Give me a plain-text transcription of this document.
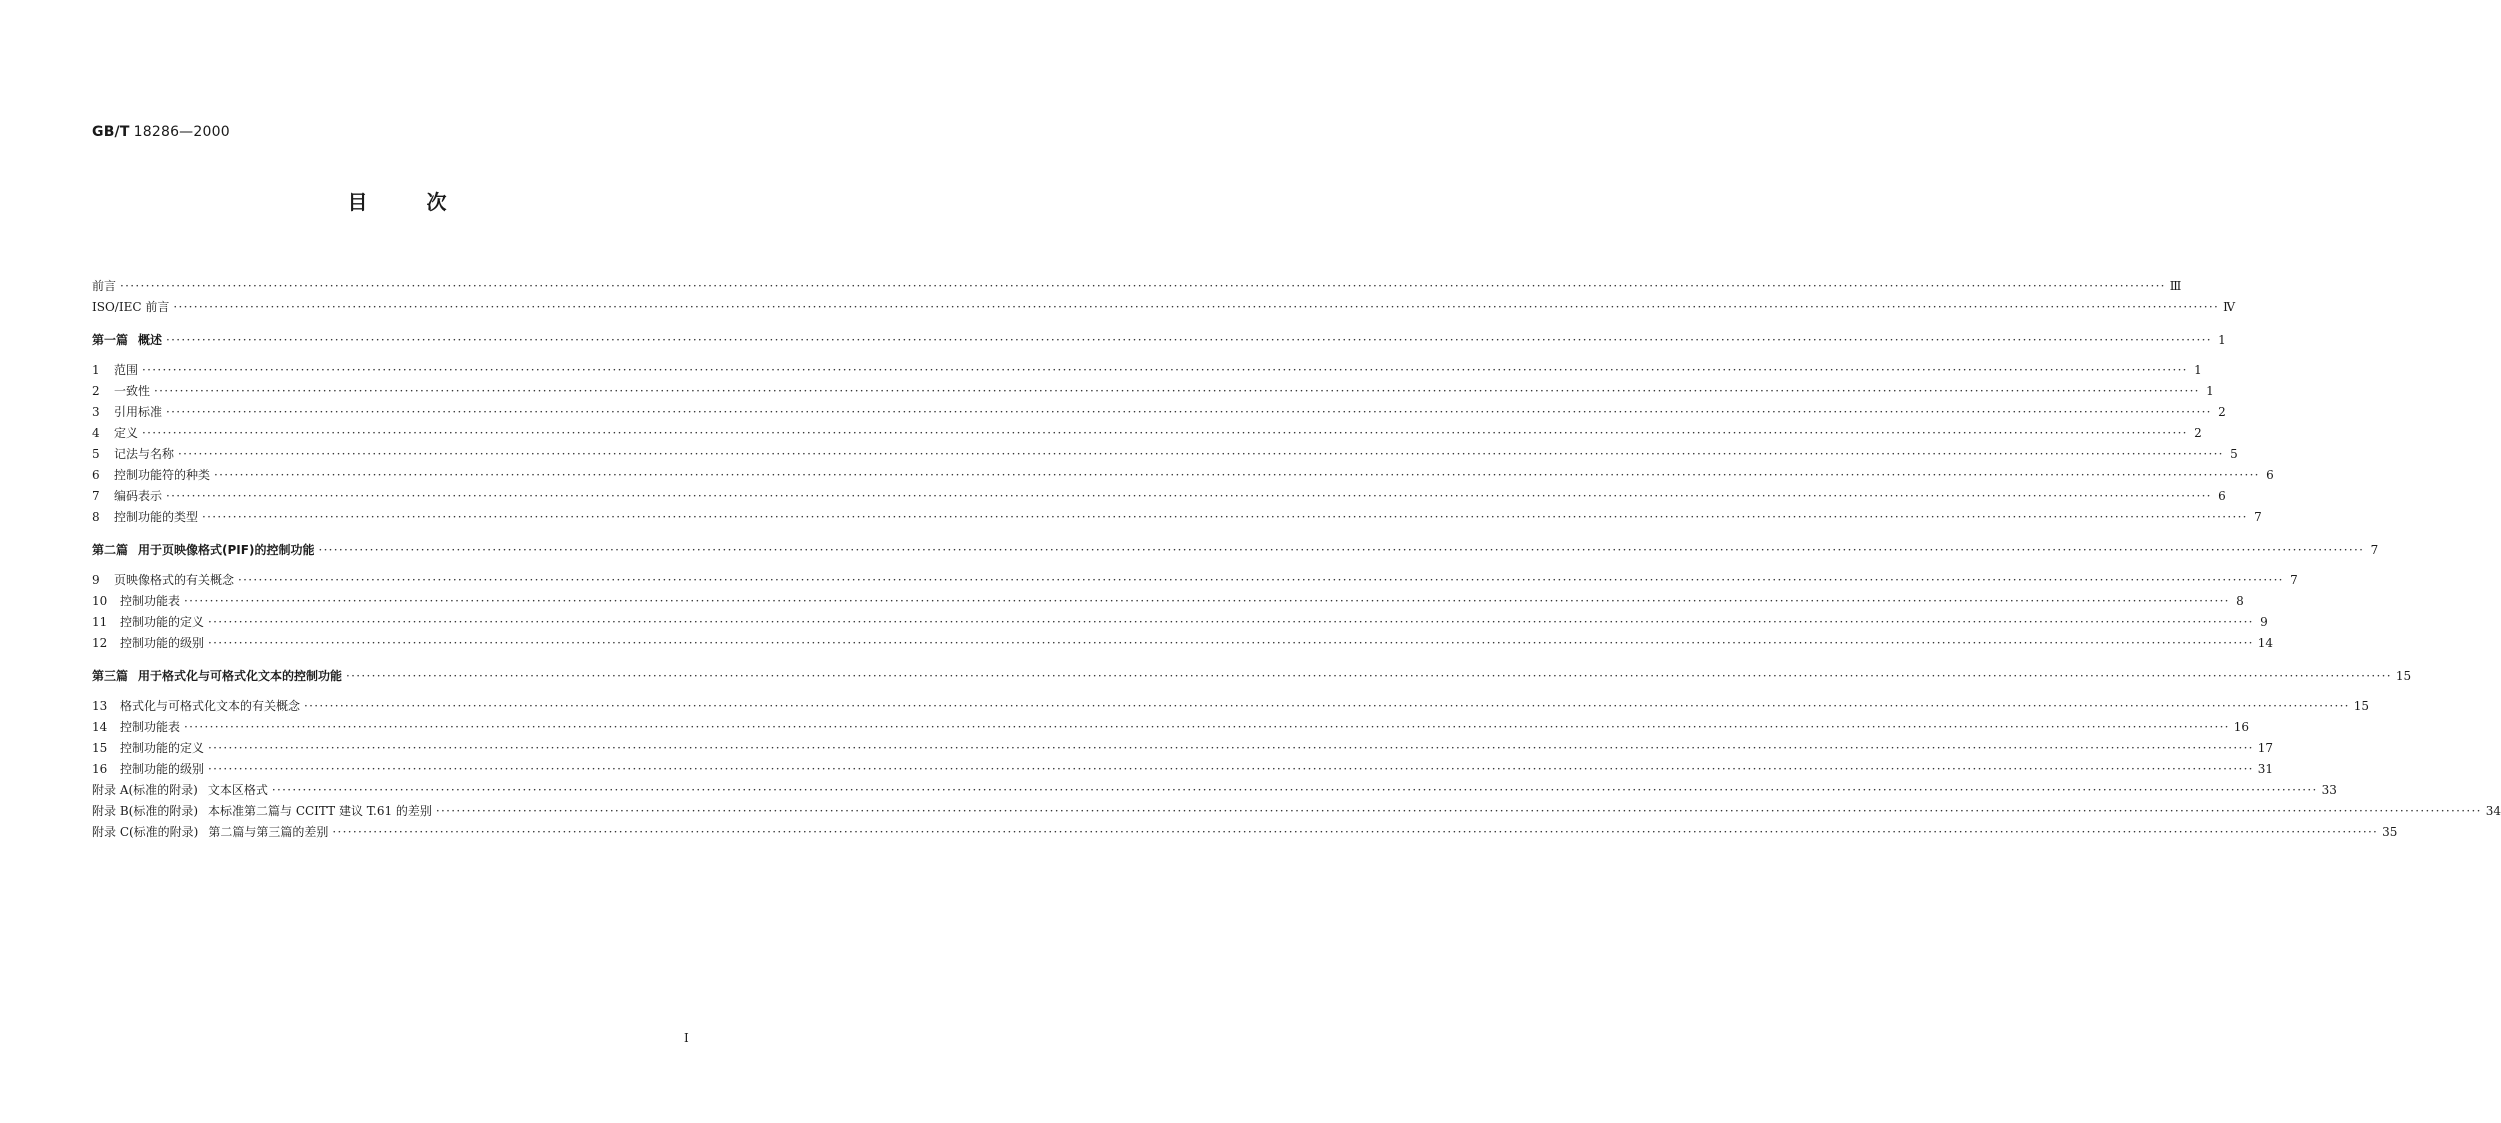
GB/T 18286—2000
目 次
前言 ················································································································································································································································································································································································································ Ⅲ
ISO/IEC 前言 ················································································································································································································································································································································································································ Ⅳ
第一篇 概述 ················································································································································································································································································································································································································ 1
1 范围 ················································································································································································································································································································································································································ 1
2 一致性 ················································································································································································································································································································································································································ 1
3 引用标准 ················································································································································································································································································································································································································ 2
4 定义 ················································································································································································································································································································································································································ 2
5 记法与名称 ················································································································································································································································································································································································································ 5
6 控制功能符的种类 ················································································································································································································································································································································································································ 6
7 编码表示 ················································································································································································································································································································································································································ 6
8 控制功能的类型 ················································································································································································································································································································································································································ 7
第二篇 用于页映像格式(PIF)的控制功能 ················································································································································································································································································································································································································ 7
9 页映像格式的有关概念 ················································································································································································································································································································································································································ 7
10 控制功能表 ················································································································································································································································································································································································································ 8
11 控制功能的定义 ················································································································································································································································································································································································································ 9
12 控制功能的级别 ················································································································································································································································································································································································································ 14
第三篇 用于格式化与可格式化文本的控制功能 ················································································································································································································································································································································································································ 15
13 格式化与可格式化文本的有关概念 ················································································································································································································································································································································································································ 15
14 控制功能表 ················································································································································································································································································································································································································ 16
15 控制功能的定义 ················································································································································································································································································································································································································ 17
16 控制功能的级别 ················································································································································································································································································································································································································ 31
附录 A(标准的附录) 文本区格式 ················································································································································································································································································································································································································ 33
附录 B(标准的附录) 本标准第二篇与 CCITT 建议 T.61 的差别 ················································································································································································································································································································································································································ 34
附录 C(标准的附录) 第二篇与第三篇的差别 ················································································································································································································································································································································································································ 35
I
